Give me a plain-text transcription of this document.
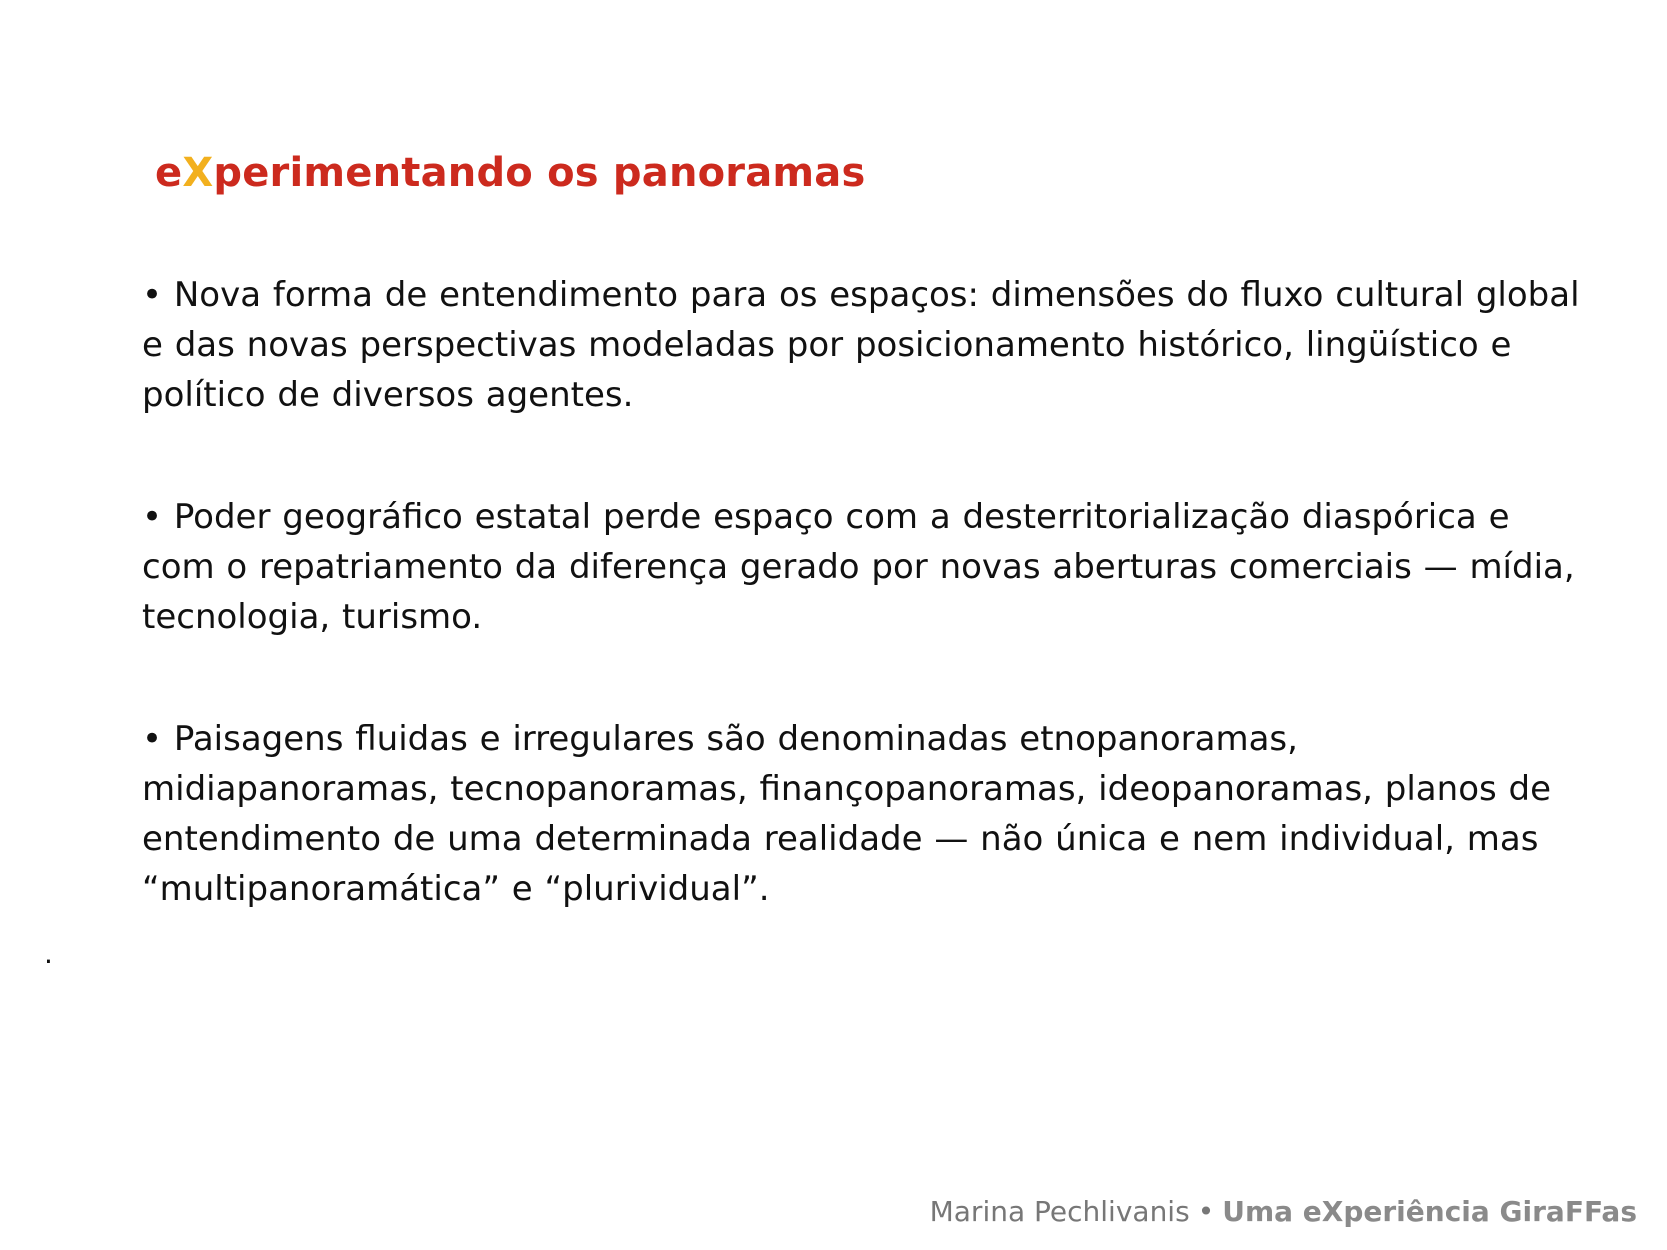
eXperimentando os panoramas

• Nova forma de entendimento para os espaços: dimensões do fluxo cultural global e das novas perspectivas modeladas por posicionamento histórico, lingüístico e político de diversos agentes.

• Poder geográfico estatal perde espaço com a desterritorialização diaspórica e com o repatriamento da diferença gerado por novas aberturas comerciais — mídia, tecnologia, turismo.

• Paisagens fluidas e irregulares são denominadas etnopanoramas, midiapanoramas, tecnopanoramas, finançopanoramas, ideopanoramas, planos de entendimento de uma determinada realidade — não única e nem individual, mas “multipanoramática” e “plurividual”.

.
Marina Pechlivanis • Uma eXperiência GiraFFas
